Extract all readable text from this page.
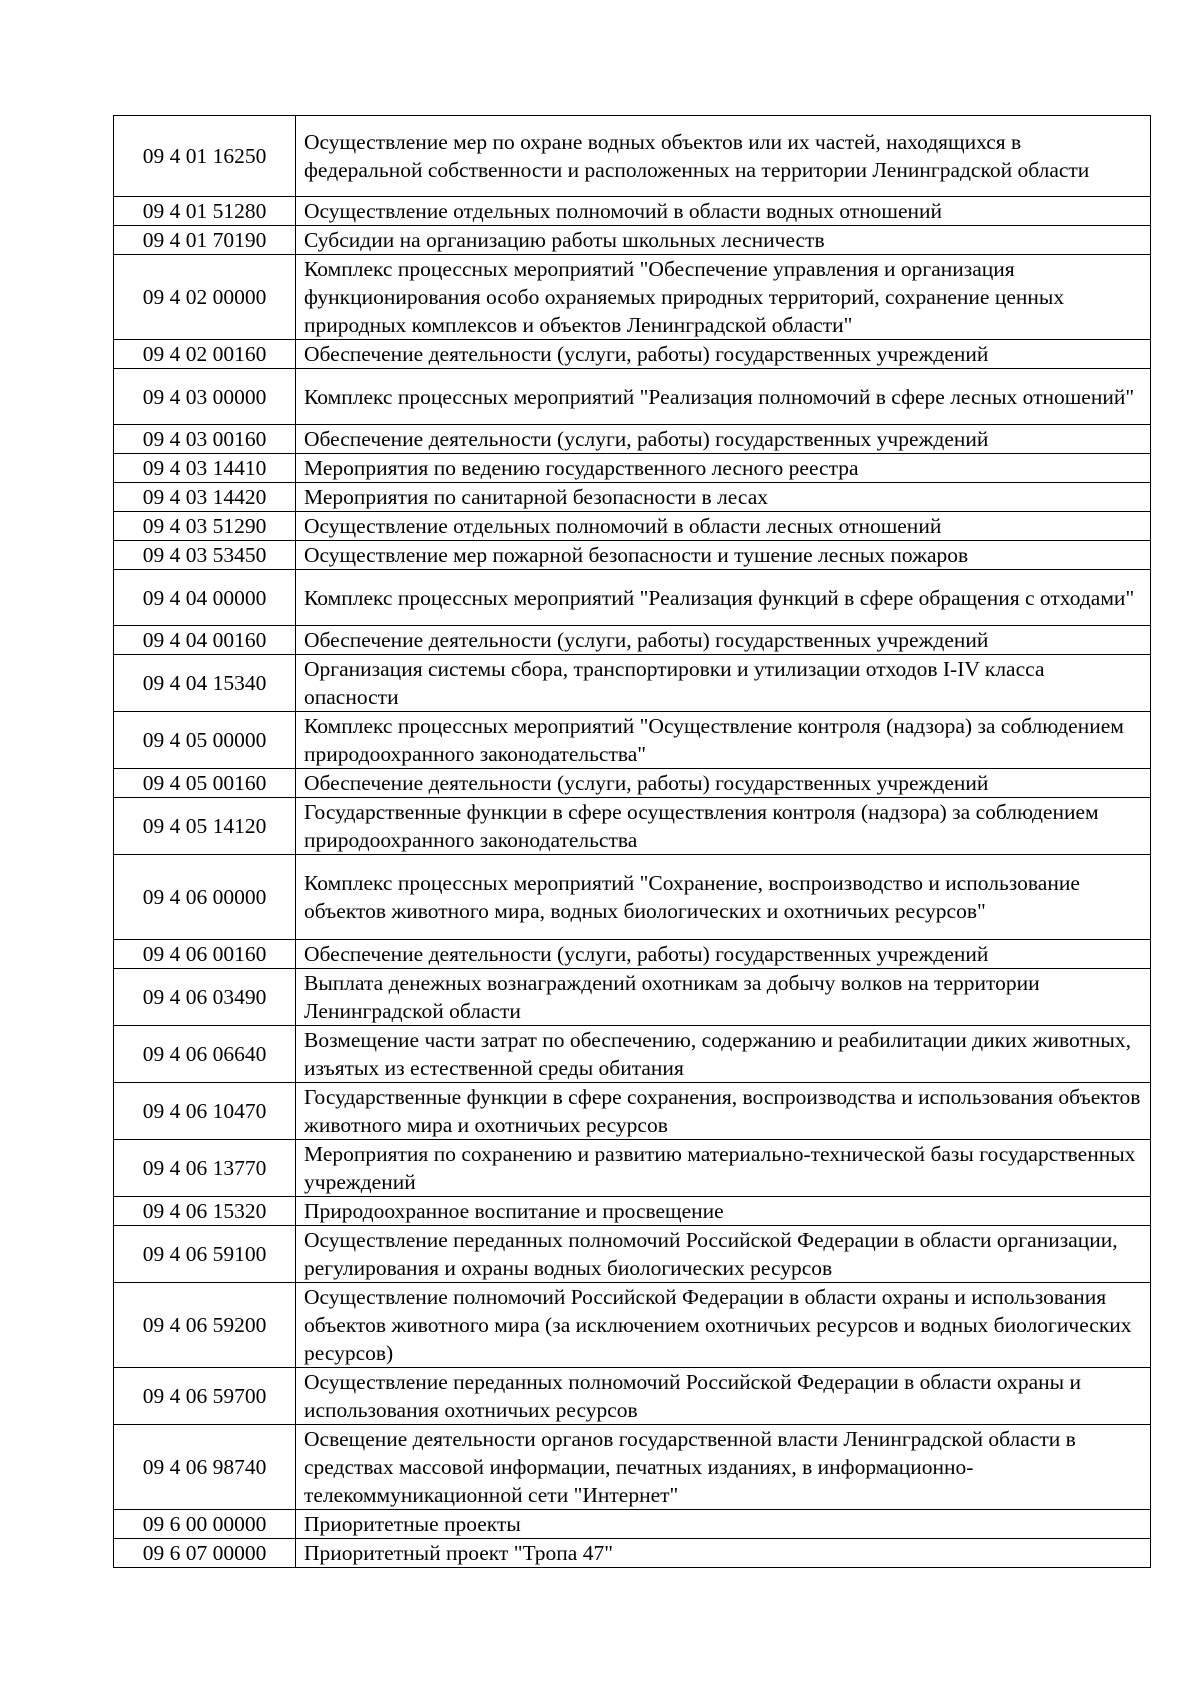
09 4 01 16250	Осуществление мер по охране водных объектов или их частей, находящихся в федеральной собственности и расположенных на территории Ленинградской области
09 4 01 51280	Осуществление отдельных полномочий в области водных отношений
09 4 01 70190	Субсидии на организацию работы школьных лесничеств
09 4 02 00000	Комплекс процессных мероприятий "Обеспечение управления и организация функционирования особо охраняемых природных территорий, сохранение ценных природных комплексов и объектов Ленинградской области"
09 4 02 00160	Обеспечение деятельности (услуги, работы) государственных учреждений
09 4 03 00000	Комплекс процессных мероприятий "Реализация полномочий в сфере лесных отношений"
09 4 03 00160	Обеспечение деятельности (услуги, работы) государственных учреждений
09 4 03 14410	Мероприятия по ведению государственного лесного реестра
09 4 03 14420	Мероприятия по санитарной безопасности в лесах
09 4 03 51290	Осуществление отдельных полномочий в области лесных отношений
09 4 03 53450	Осуществление мер пожарной безопасности и тушение лесных пожаров
09 4 04 00000	Комплекс процессных мероприятий "Реализация функций в сфере обращения с отходами"
09 4 04 00160	Обеспечение деятельности (услуги, работы) государственных учреждений
09 4 04 15340	Организация системы сбора, транспортировки и утилизации отходов I-IV класса опасности
09 4 05 00000	Комплекс процессных мероприятий "Осуществление контроля (надзора) за соблюдением природоохранного законодательства"
09 4 05 00160	Обеспечение деятельности (услуги, работы) государственных учреждений
09 4 05 14120	Государственные функции в сфере осуществления контроля (надзора) за соблюдением природоохранного законодательства
09 4 06 00000	Комплекс процессных мероприятий "Сохранение, воспроизводство и использование объектов животного мира, водных биологических и охотничьих ресурсов"
09 4 06 00160	Обеспечение деятельности (услуги, работы) государственных учреждений
09 4 06 03490	Выплата денежных вознаграждений охотникам за добычу волков на территории Ленинградской области
09 4 06 06640	Возмещение части затрат по обеспечению, содержанию и реабилитации диких животных, изъятых из естественной среды обитания
09 4 06 10470	Государственные функции в сфере сохранения, воспроизводства и использования объектов животного мира и охотничьих ресурсов
09 4 06 13770	Мероприятия по сохранению и развитию материально-технической базы государственных учреждений
09 4 06 15320	Природоохранное воспитание и просвещение
09 4 06 59100	Осуществление переданных полномочий Российской Федерации в области организации, регулирования и охраны водных биологических ресурсов
09 4 06 59200	Осуществление полномочий Российской Федерации в области охраны и использования объектов животного мира (за исключением охотничьих ресурсов и водных биологических ресурсов)
09 4 06 59700	Осуществление переданных полномочий Российской Федерации в области охраны и использования охотничьих ресурсов
09 4 06 98740	Освещение деятельности органов государственной власти Ленинградской области в средствах массовой информации, печатных изданиях, в информационно-телекоммуникационной сети "Интернет"
09 6 00 00000	Приоритетные проекты
09 6 07 00000	Приоритетный проект "Тропа 47"
